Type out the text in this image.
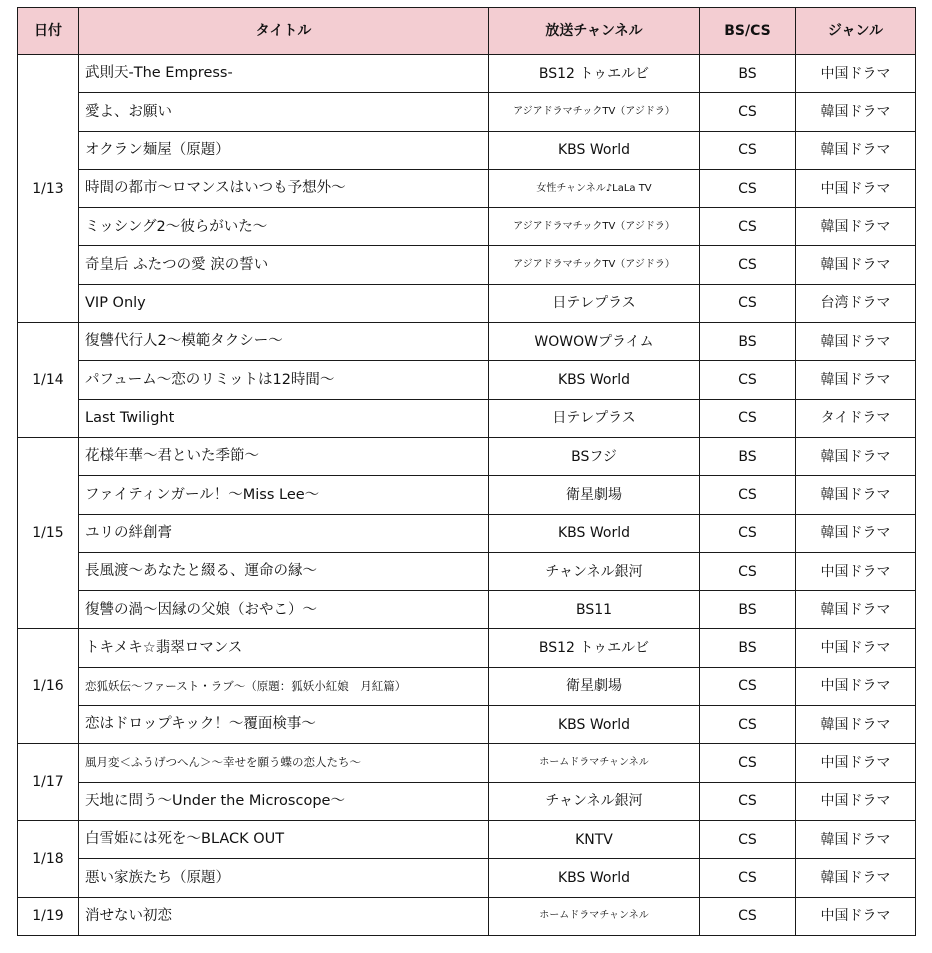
日付	タイトル	放送チャンネル	BS/CS	ジャンル
1/13	武則天-The Empress-	BS12 トゥエルビ	BS	中国ドラマ
	愛よ、お願い	アジアドラマチックTV（アジドラ）	CS	韓国ドラマ
	オクラン麺屋（原題）	KBS World	CS	韓国ドラマ
	時間の都市～ロマンスはいつも予想外～	女性チャンネル♪LaLa TV	CS	中国ドラマ
	ミッシング2～彼らがいた～	アジアドラマチックTV（アジドラ）	CS	韓国ドラマ
	奇皇后 ふたつの愛 涙の誓い	アジアドラマチックTV（アジドラ）	CS	韓国ドラマ
	VIP Only	日テレプラス	CS	台湾ドラマ
1/14	復讐代行人2～模範タクシー～	WOWOWプライム	BS	韓国ドラマ
	パフューム～恋のリミットは12時間～	KBS World	CS	韓国ドラマ
	Last Twilight	日テレプラス	CS	タイドラマ
1/15	花様年華～君といた季節～	BSフジ	BS	韓国ドラマ
	ファイティンガール！～Miss Lee～	衛星劇場	CS	韓国ドラマ
	ユリの絆創膏	KBS World	CS	韓国ドラマ
	長風渡～あなたと綴る、運命の縁～	チャンネル銀河	CS	中国ドラマ
	復讐の渦～因縁の父娘（おやこ）～	BS11	BS	韓国ドラマ
1/16	トキメキ☆翡翠ロマンス	BS12 トゥエルビ	BS	中国ドラマ
	恋狐妖伝～ファースト・ラブ～（原題：狐妖小紅娘　月紅篇）	衛星劇場	CS	中国ドラマ
	恋はドロップキック！～覆面検事～	KBS World	CS	韓国ドラマ
1/17	風月変＜ふうげつへん＞～幸せを願う蝶の恋人たち～	ホームドラマチャンネル	CS	中国ドラマ
	天地に問う～Under the Microscope～	チャンネル銀河	CS	中国ドラマ
1/18	白雪姫には死を～BLACK OUT	KNTV	CS	韓国ドラマ
	悪い家族たち（原題）	KBS World	CS	韓国ドラマ
1/19	消せない初恋	ホームドラマチャンネル	CS	中国ドラマ
